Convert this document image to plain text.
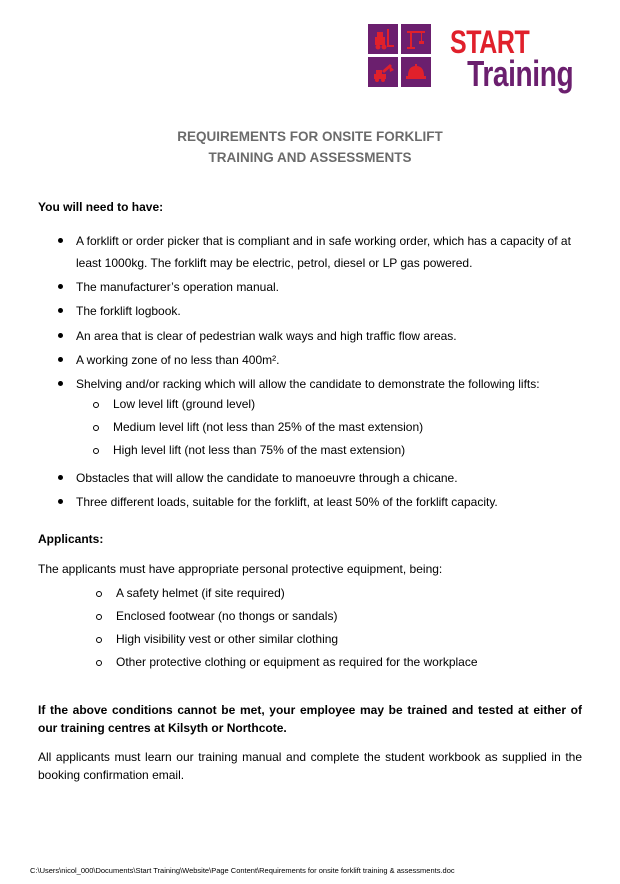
START
Training
REQUIREMENTS FOR ONSITE FORKLIFT
TRAINING AND ASSESSMENTS
You will need to have:
A forklift or order picker that is compliant and in safe working order, which has a capacity of at least 1000kg. The forklift may be electric, petrol, diesel or LP gas powered.
The manufacturer’s operation manual.
The forklift logbook.
An area that is clear of pedestrian walk ways and high traffic flow areas.
A working zone of no less than 400m².
Shelving and/or racking which will allow the candidate to demonstrate the following lifts:
Low level lift (ground level)
Medium level lift (not less than 25% of the mast extension)
High level lift (not less than 75% of the mast extension)
Obstacles that will allow the candidate to manoeuvre through a chicane.
Three different loads, suitable for the forklift, at least 50% of the forklift capacity.
Applicants:
The applicants must have appropriate personal protective equipment, being:
A safety helmet (if site required)
Enclosed footwear (no thongs or sandals)
High visibility vest or other similar clothing
Other protective clothing or equipment as required for the workplace
If the above conditions cannot be met, your employee may be trained and tested at either of our training centres at Kilsyth or Northcote.
All applicants must learn our training manual and complete the student workbook as supplied in the booking confirmation email.
C:\Users\nicol_000\Documents\Start Training\Website\Page Content\Requirements for onsite forklift training & assessments.doc
